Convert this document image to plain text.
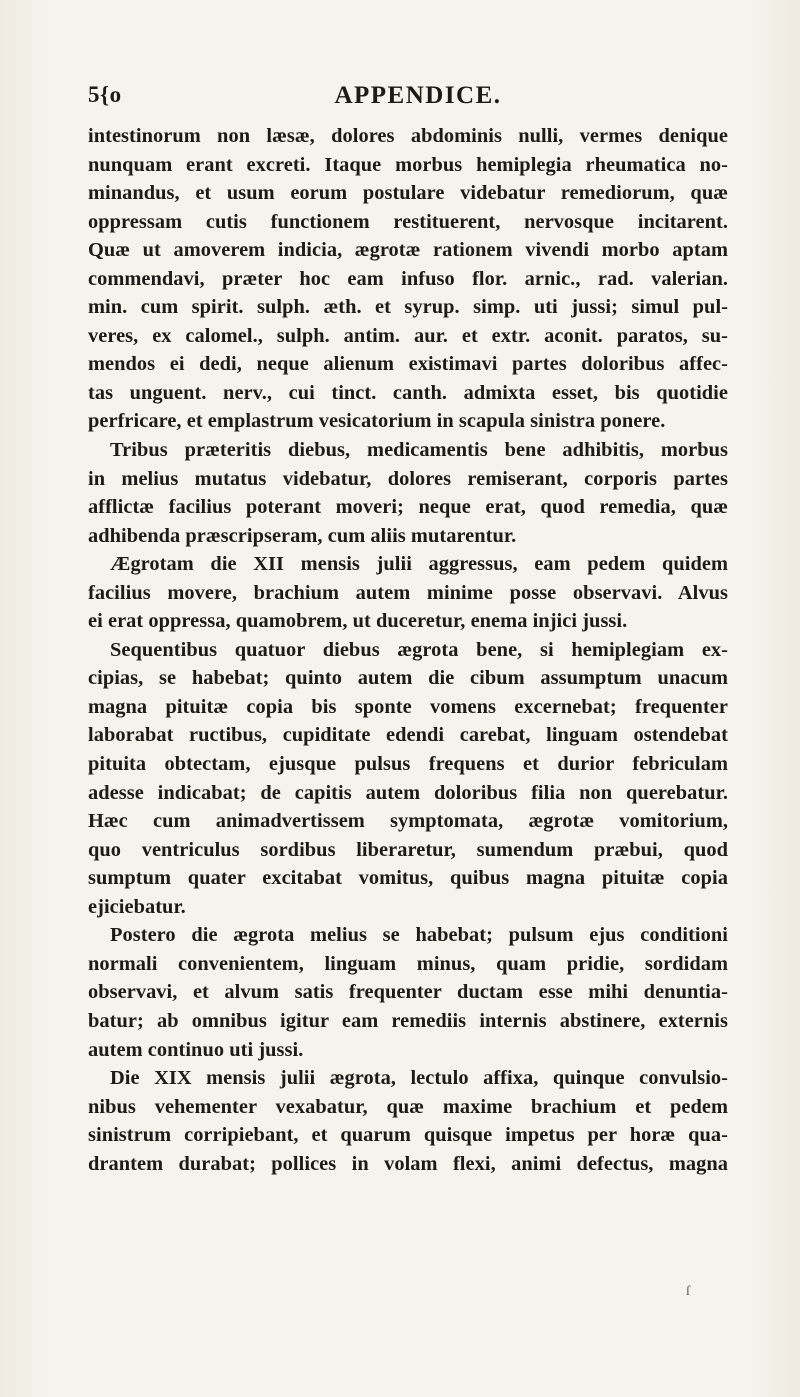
5{o	APPENDICE.
intestinorum non læsæ, dolores abdominis nulli, vermes denique
nunquam erant excreti. Itaque morbus hemiplegia rheumatica no-
minandus, et usum eorum postulare videbatur remediorum, quæ
oppressam cutis functionem restituerent, nervosque incitarent.
Quæ ut amoverem indicia, ægrotæ rationem vivendi morbo aptam
commendavi, præter hoc eam infuso flor. arnic., rad. valerian.
min. cum spirit. sulph. æth. et syrup. simp. uti jussi; simul pul-
veres, ex calomel., sulph. antim. aur. et extr. aconit. paratos, su-
mendos ei dedi, neque alienum existimavi partes doloribus affec-
tas unguent. nerv., cui tinct. canth. admixta esset, bis quotidie
perfricare, et emplastrum vesicatorium in scapula sinistra ponere.
Tribus præteritis diebus, medicamentis bene adhibitis, morbus
in melius mutatus videbatur, dolores remiserant, corporis partes
afflictæ facilius poterant moveri; neque erat, quod remedia, quæ
adhibenda præscripseram, cum aliis mutarentur.
Ægrotam die XII mensis julii aggressus, eam pedem quidem
facilius movere, brachium autem minime posse observavi. Alvus
ei erat oppressa, quamobrem, ut duceretur, enema injici jussi.
Sequentibus quatuor diebus ægrota bene, si hemiplegiam ex-
cipias, se habebat; quinto autem die cibum assumptum unacum
magna pituitæ copia bis sponte vomens excernebat; frequenter
laborabat ructibus, cupiditate edendi carebat, linguam ostendebat
pituita obtectam, ejusque pulsus frequens et durior febriculam
adesse indicabat; de capitis autem doloribus filia non querebatur.
Hæc cum animadvertissem symptomata, ægrotæ vomitorium,
quo ventriculus sordibus liberaretur, sumendum præbui, quod
sumptum quater excitabat vomitus, quibus magna pituitæ copia
ejiciebatur.
Postero die ægrota melius se habebat; pulsum ejus conditioni
normali convenientem, linguam minus, quam pridie, sordidam
observavi, et alvum satis frequenter ductam esse mihi denuntia-
batur; ab omnibus igitur eam remediis internis abstinere, externis
autem continuo uti jussi.
Die XIX mensis julii ægrota, lectulo affixa, quinque convulsio-
nibus vehementer vexabatur, quæ maxime brachium et pedem
sinistrum corripiebant, et quarum quisque impetus per horæ qua-
drantem durabat; pollices in volam flexi, animi defectus, magna
ſ
